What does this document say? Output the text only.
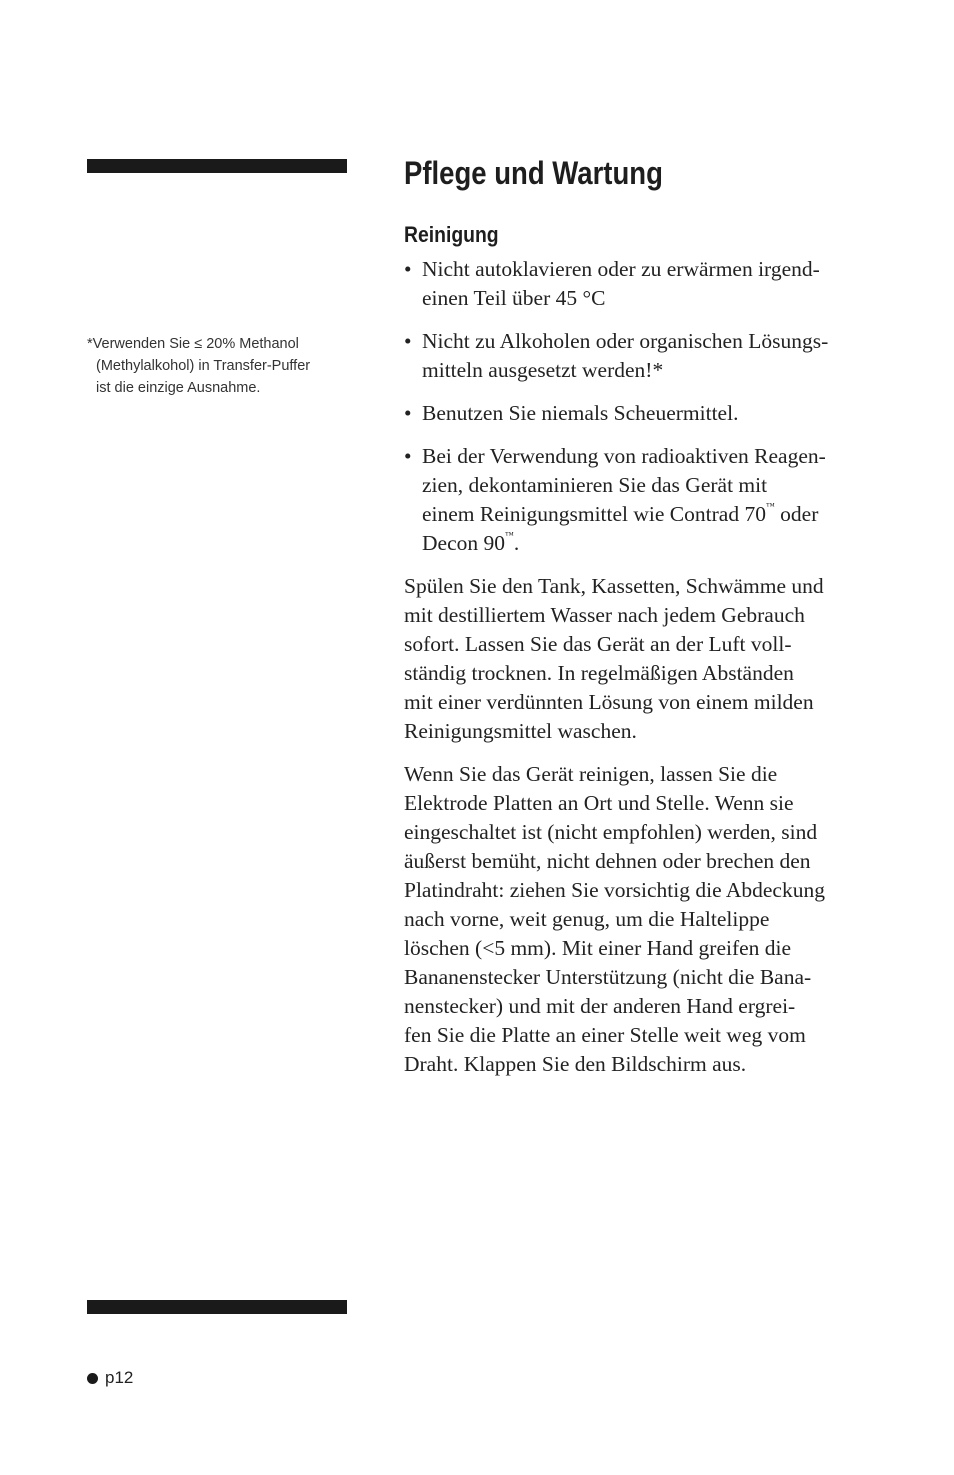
*Verwenden Sie ≤ 20% Methanol
(Methylalkohol) in Transfer-Puffer
ist die einzige Ausnahme.
Pflege und Wartung
Reinigung
• Nicht autoklavieren oder zu erwärmen irgend-
einen Teil über 45 °C
• Nicht zu Alkoholen oder organischen Lösungs-
mitteln ausgesetzt werden!*
• Benutzen Sie niemals Scheuermittel.
• Bei der Verwendung von radioaktiven Reagen-
zien, dekontaminieren Sie das Gerät mit
einem Reinigungsmittel wie Contrad 70™ oder
Decon 90™.

Spülen Sie den Tank, Kassetten, Schwämme und
mit destilliertem Wasser nach jedem Gebrauch
sofort. Lassen Sie das Gerät an der Luft voll-
ständig trocknen. In regelmäßigen Abständen
mit einer verdünnten Lösung von einem milden
Reinigungsmittel waschen.

Wenn Sie das Gerät reinigen, lassen Sie die
Elektrode Platten an Ort und Stelle. Wenn sie
eingeschaltet ist (nicht empfohlen) werden, sind
äußerst bemüht, nicht dehnen oder brechen den
Platindraht: ziehen Sie vorsichtig die Abdeckung
nach vorne, weit genug, um die Haltelippe
löschen (<5 mm). Mit einer Hand greifen die
Bananenstecker Unterstützung (nicht die Bana-
nenstecker) und mit der anderen Hand ergrei-
fen Sie die Platte an einer Stelle weit weg vom
Draht. Klappen Sie den Bildschirm aus.

p12
